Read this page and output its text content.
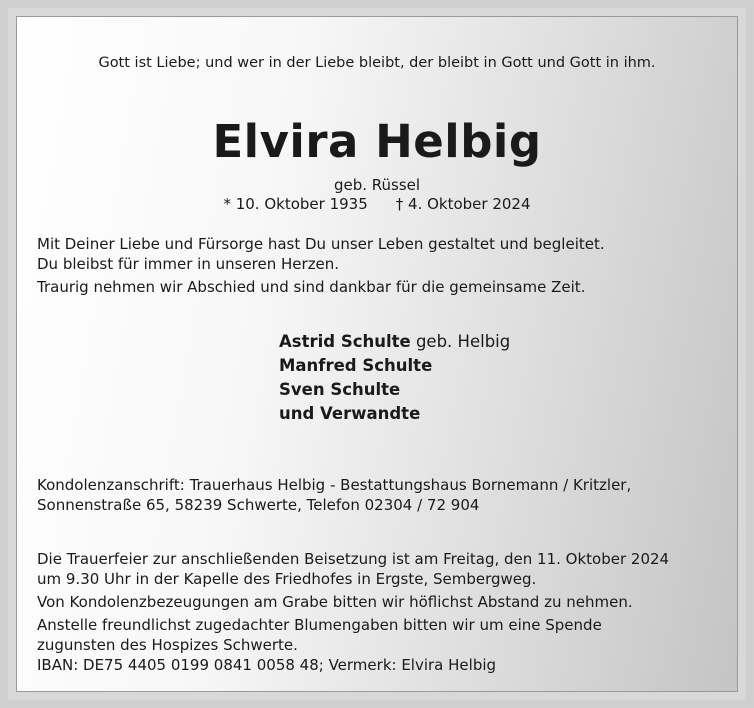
Gott ist Liebe; und wer in der Liebe bleibt, der bleibt in Gott und Gott in ihm.
Elvira Helbig
geb. Rüssel
* 10. Oktober 1935 † 4. Oktober 2024
Mit Deiner Liebe und Fürsorge hast Du unser Leben gestaltet und begleitet.
Du bleibst für immer in unseren Herzen.
Traurig nehmen wir Abschied und sind dankbar für die gemeinsame Zeit.
Astrid Schulte geb. Helbig
Manfred Schulte
Sven Schulte
und Verwandte
Kondolenzanschrift: Trauerhaus Helbig - Bestattungshaus Bornemann / Kritzler,
Sonnenstraße 65, 58239 Schwerte, Telefon 02304 / 72 904
Die Trauerfeier zur anschließenden Beisetzung ist am Freitag, den 11. Oktober 2024
um 9.30 Uhr in der Kapelle des Friedhofes in Ergste, Sembergweg.
Von Kondolenzbezeugungen am Grabe bitten wir höflichst Abstand zu nehmen.
Anstelle freundlichst zugedachter Blumengaben bitten wir um eine Spende
zugunsten des Hospizes Schwerte.
IBAN: DE75 4405 0199 0841 0058 48; Vermerk: Elvira Helbig
